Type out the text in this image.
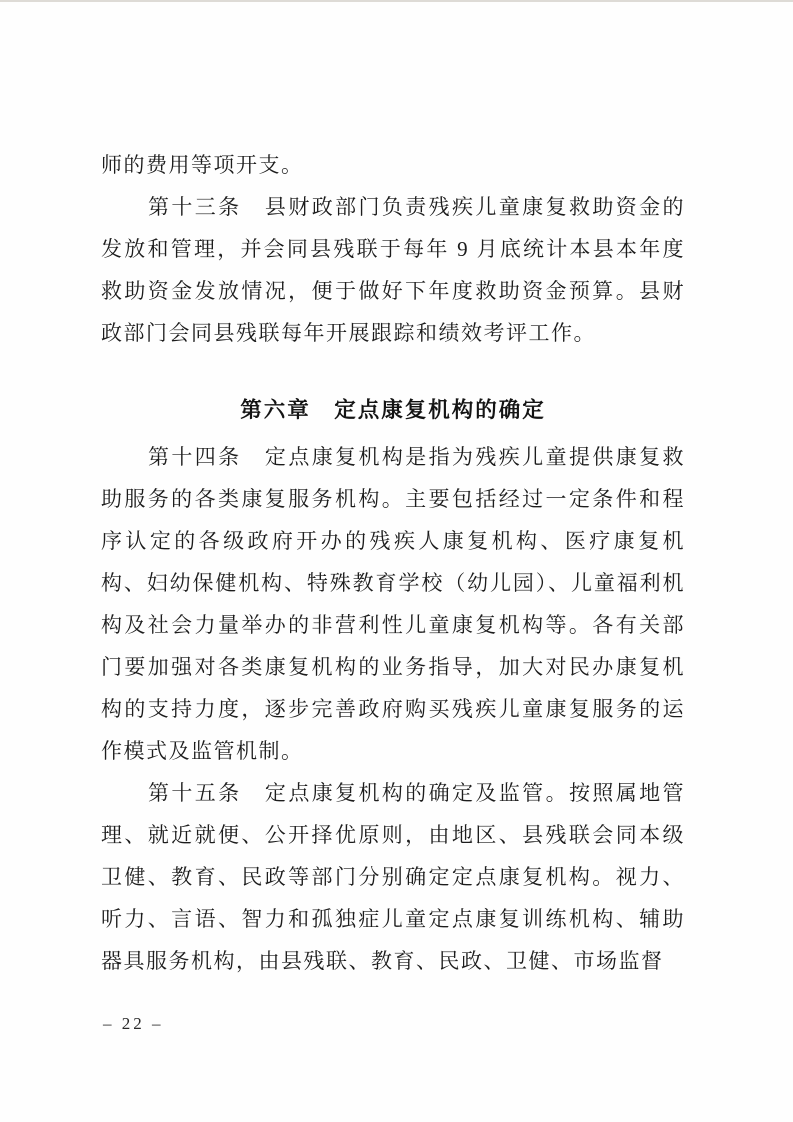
师的费用等项开支。

第十三条　县财政部门负责残疾儿童康复救助资金的发放和管理，并会同县残联于每年 9 月底统计本县本年度救助资金发放情况，便于做好下年度救助资金预算。县财政部门会同县残联每年开展跟踪和绩效考评工作。

第六章　定点康复机构的确定

第十四条　定点康复机构是指为残疾儿童提供康复救助服务的各类康复服务机构。主要包括经过一定条件和程序认定的各级政府开办的残疾人康复机构、医疗康复机构、妇幼保健机构、特殊教育学校（幼儿园）、儿童福利机构及社会力量举办的非营利性儿童康复机构等。各有关部门要加强对各类康复机构的业务指导，加大对民办康复机构的支持力度，逐步完善政府购买残疾儿童康复服务的运作模式及监管机制。

第十五条　定点康复机构的确定及监管。按照属地管理、就近就便、公开择优原则，由地区、县残联会同本级卫健、教育、民政等部门分别确定定点康复机构。视力、听力、言语、智力和孤独症儿童定点康复训练机构、辅助器具服务机构，由县残联、教育、民政、卫健、市场监督

– 22 –
